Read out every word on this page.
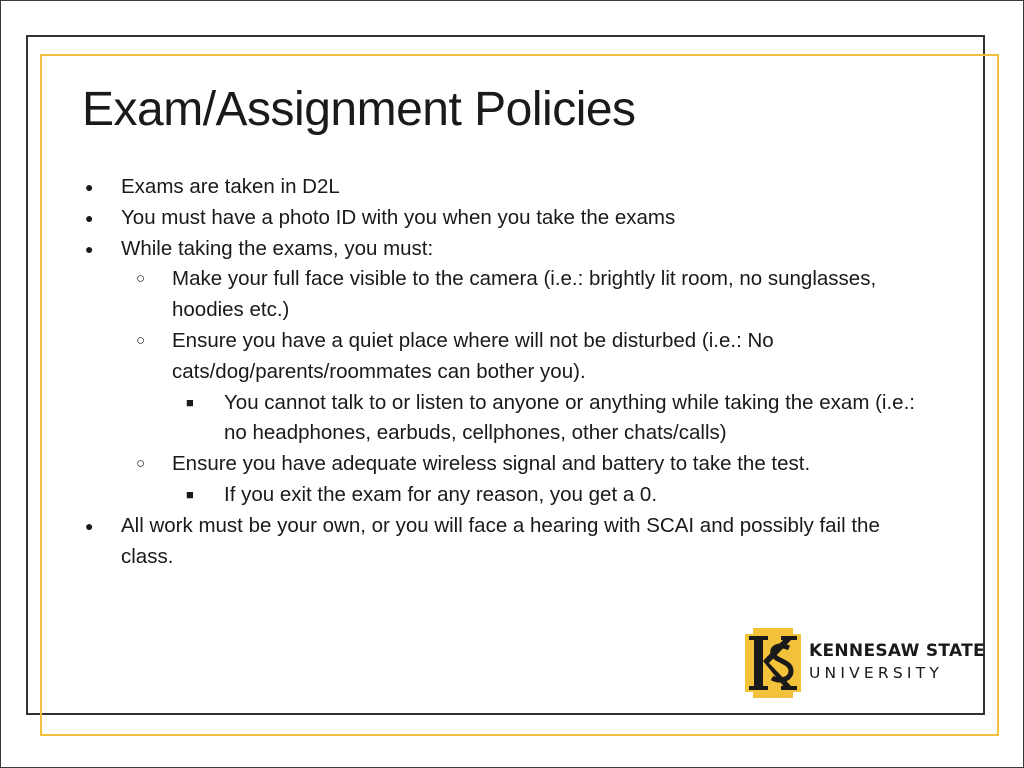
Exam/Assignment Policies

● Exams are taken in D2L

● You must have a photo ID with you when you take the exams

● While taking the exams, you must:

○ Make your full face visible to the camera (i.e.: brightly lit room, no sunglasses, hoodies etc.)

○ Ensure you have a quiet place where will not be disturbed (i.e.: No cats/dog/parents/roommates can bother you).

■ You cannot talk to or listen to anyone or anything while taking the exam (i.e.: no headphones, earbuds, cellphones, other chats/calls)

○ Ensure you have adequate wireless signal and battery to take the test.

■ If you exit the exam for any reason, you get a 0.

● All work must be your own, or you will face a hearing with SCAI and possibly fail the class.

KENNESAW STATE
UNIVERSITY
